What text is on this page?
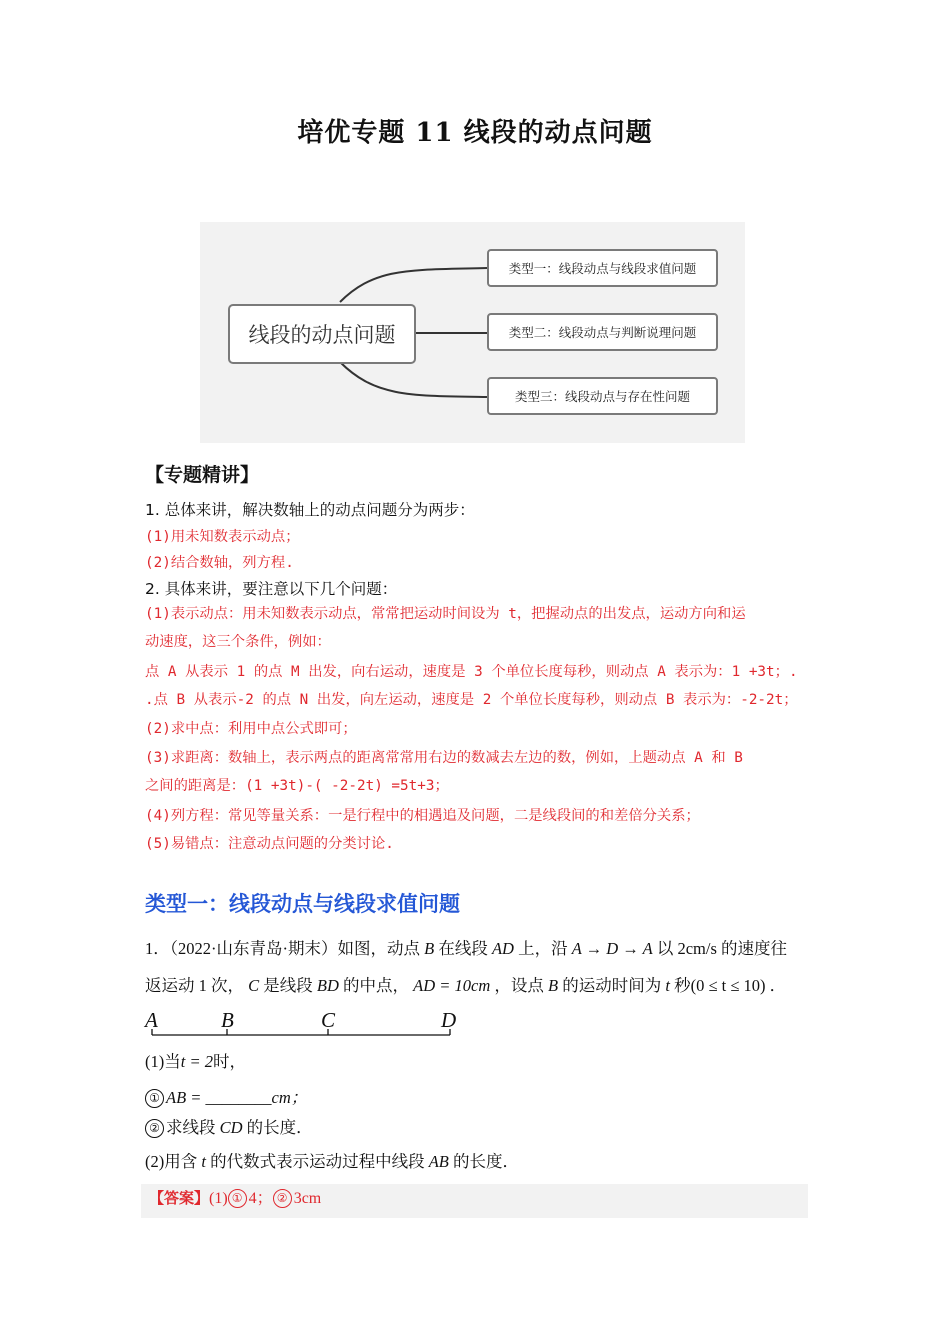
培优专题 11 线段的动点问题
线段的动点问题
类型一：线段动点与线段求值问题
类型二：线段动点与判断说理问题
类型三：线段动点与存在性问题
【专题精讲】
1. 总体来讲，解决数轴上的动点问题分为两步：
(1)用未知数表示动点；
(2)结合数轴，列方程.
2. 具体来讲，要注意以下几个问题：
(1)表示动点：用未知数表示动点，常常把运动时间设为 t，把握动点的出发点，运动方向和运
动速度，这三个条件，例如：
点 A 从表示 1 的点 M 出发，向右运动，速度是 3 个单位长度每秒，则动点 A 表示为：1 +3t；.
.点 B 从表示-2 的点 N 出发，向左运动，速度是 2 个单位长度每秒，则动点 B 表示为：-2-2t；
(2)求中点：利用中点公式即可；
(3)求距离：数轴上，表示两点的距离常常用右边的数减去左边的数，例如，上题动点 A 和 B
之间的距离是：(1 +3t)-( -2-2t) =5t+3；
(4)列方程：常见等量关系：一是行程中的相遇追及问题，二是线段间的和差倍分关系；
(5)易错点：注意动点问题的分类讨论.
类型一：线段动点与线段求值问题
1．（2022·山东青岛·期末）如图，动点 B 在线段 AD 上，沿 A → D → A 以 2cm/s 的速度往
返运动 1 次， C 是线段 BD 的中点， AD = 10cm ，设点 B 的运动时间为 t 秒(0 ≤ t ≤ 10) ．
A	B	C	D
(1)当t = 2时，
① AB = ________cm；
② 求线段 CD 的长度．
(2)用含 t 的代数式表示运动过程中线段 AB 的长度．
【答案】(1) ① 4； ② 3cm
